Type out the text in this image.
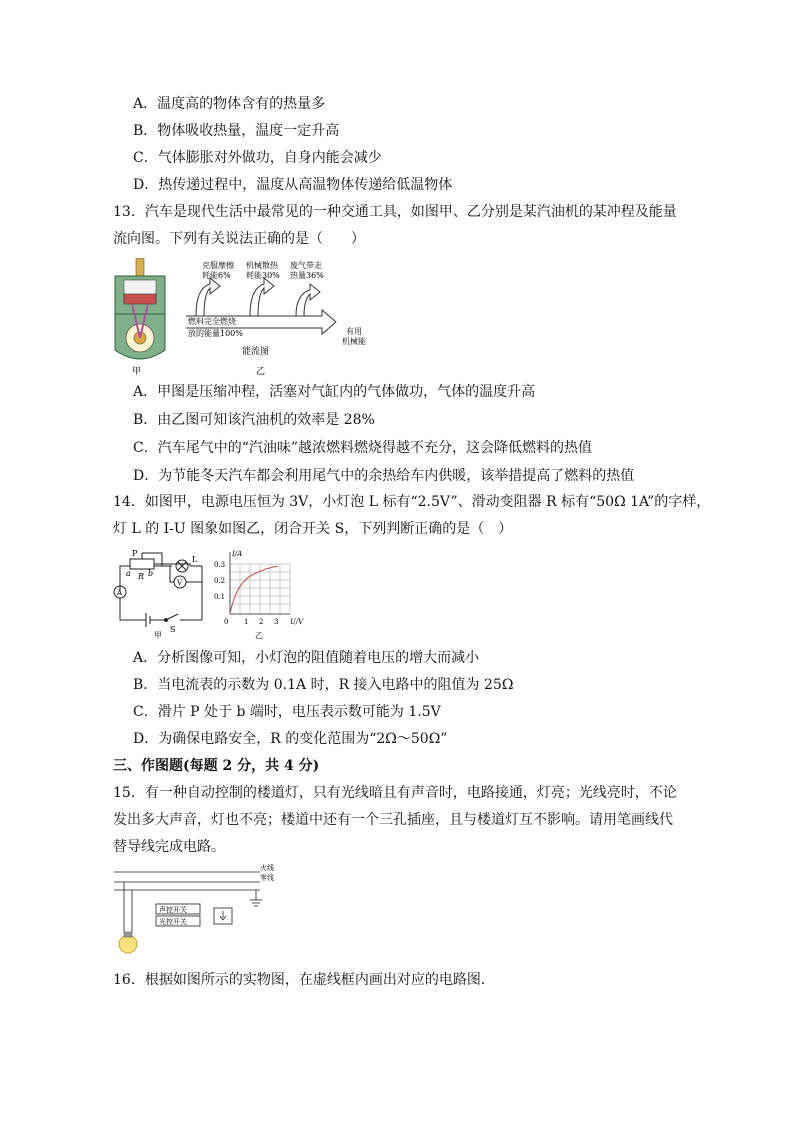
A．温度高的物体含有的热量多
B．物体吸收热量，温度一定升高
C．气体膨胀对外做功，自身内能会减少
D．热传递过程中，温度从高温物体传递给低温物体
13．汽车是现代生活中最常见的一种交通工具，如图甲、乙分别是某汽油机的某冲程及能量
流向图。下列有关说法正确的是（　　）
甲
克服摩擦
耗能6%
机械散热
耗能30%
废气带走
热量36%
燃料完全燃烧
放的能量100%	有用
机械能
能流图
乙
A．甲图是压缩冲程，活塞对气缸内的气体做功，气体的温度升高
B．由乙图可知该汽油机的效率是 28%
C．汽车尾气中的“汽油味”越浓燃料燃烧得越不充分，这会降低燃料的热值
D．为节能冬天汽车都会利用尾气中的余热给车内供暖，该举措提高了燃料的热值
14．如图甲，电源电压恒为 3V，小灯泡 L 标有“2.5V”、滑动变阻器 R 标有“50Ω 1A”的字样，
灯 L 的 I-U 图象如图乙，闭合开关 S，下列判断正确的是（　）
P
a R b
L
A
V
S
甲
I/A
0.3
0.2
0.1
0 1 2 3 U/V
乙
A．分析图像可知，小灯泡的阻值随着电压的增大而减小
B．当电流表的示数为 0.1A 时，R 接入电路中的阻值为 25Ω
C．滑片 P 处于 b 端时，电压表示数可能为 1.5V
D．为确保电路安全，R 的变化范围为“2Ω～50Ω”
三、作图题(每题 2 分，共 4 分)
15．有一种自动控制的楼道灯，只有光线暗且有声音时，电路接通，灯亮；光线亮时，不论
发出多大声音，灯也不亮；楼道中还有一个三孔插座，且与楼道灯互不影响。请用笔画线代
替导线完成电路。
火线
零线
声控开关
光控开关
16．根据如图所示的实物图，在虚线框内画出对应的电路图．
